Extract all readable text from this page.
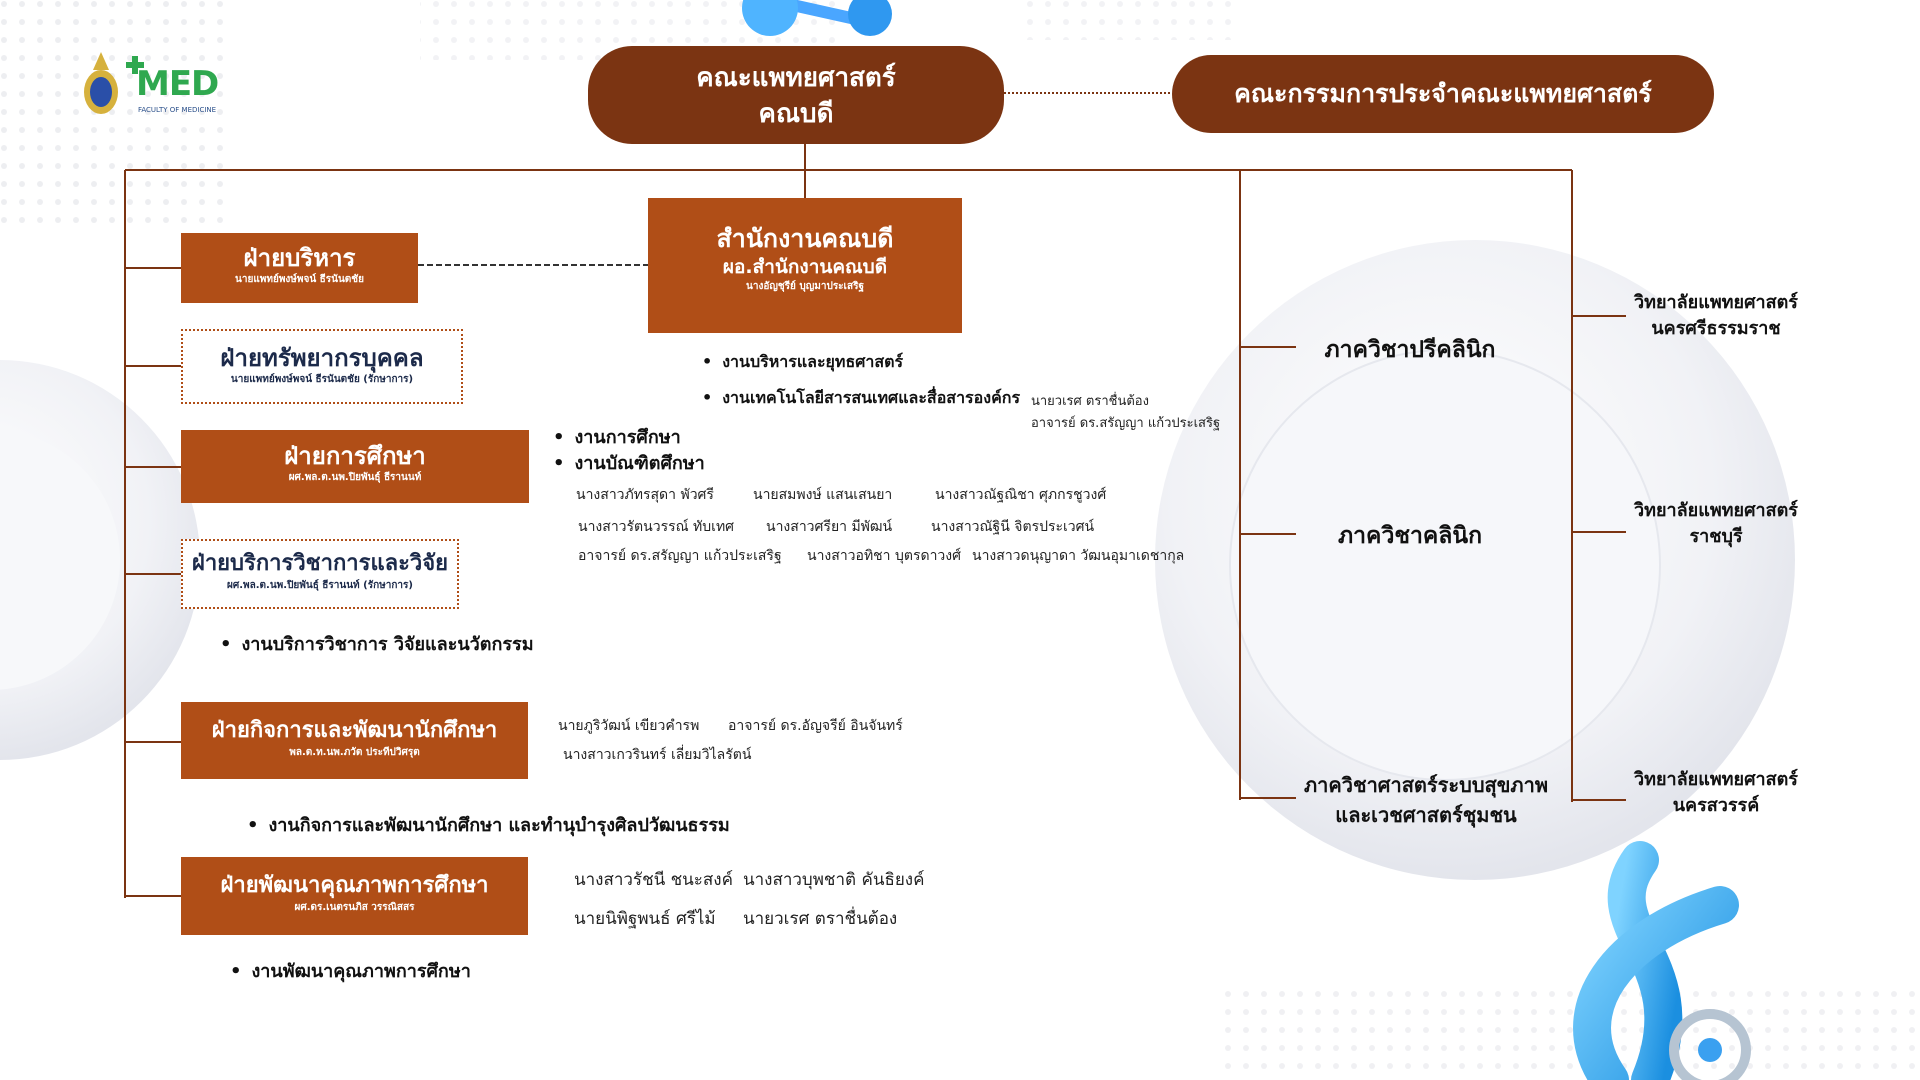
MED
FACULTY OF MEDICINE
คณะแพทยศาสตร์
คณบดี
คณะกรรมการประจำคณะแพทยศาสตร์
สำนักงานคณบดี
ผอ.สำนักงานคณบดี
นางอัญชุรีย์ บุญมาประเสริฐ
• งานบริหารและยุทธศาสตร์
• งานเทคโนโลยีสารสนเทศและสื่อสารองค์กร นายวเรศ ตราชื่นต้อง
อาจารย์ ดร.สรัญญา แก้วประเสริฐ
ฝ่ายบริหาร
นายแพทย์พงษ์พจน์ ธีรนันตชัย
ฝ่ายทรัพยากรบุคคล
นายแพทย์พงษ์พจน์ ธีรนันตชัย (รักษาการ)
ฝ่ายการศึกษา
ผศ.พล.ต.นพ.ปิยพันธุ์ ธีรานนท์
ฝ่ายบริการวิชาการและวิจัย
ผศ.พล.ต.นพ.ปิยพันธุ์ ธีรานนท์ (รักษาการ)
ฝ่ายกิจการและพัฒนานักศึกษา
พล.ต.ท.นพ.ภวัต ประทีปวิศรุต
ฝ่ายพัฒนาคุณภาพการศึกษา
ผศ.ดร.เนตรนภิส วรรณิสสร
• งานการศึกษา
• งานบัณฑิตศึกษา
นางสาวภัทรสุดา พัวศรี	นายสมพงษ์ แสนเสนยา	นางสาวณัฐณิชา ศุภกรชูวงศ์
นางสาวรัตนวรรณ์ ทับเทศ นางสาวศรียา มีพัฒน์	นางสาวณัฐินี จิตรประเวศน์
อาจารย์ ดร.สรัญญา แก้วประเสริฐ นางสาวอทิชา บุตรดาวงศ์ นางสาวดนุญาดา วัฒนอุมาเดชากุล
• งานบริการวิชาการ วิจัยและนวัตกรรม
นายภูริวัฒน์ เขียวคำรพ อาจารย์ ดร.อัญจรีย์ อินจันทร์
นางสาวเกวรินทร์ เลี่ยมวิไลรัตน์
• งานกิจการและพัฒนานักศึกษา และทำนุบำรุงศิลปวัฒนธรรม
นางสาวรัชนี ชนะสงค์ นางสาวบุพชาติ คันธิยงค์
นายนิพิฐพนธ์ ศรีไม้ นายวเรศ ตราชื่นต้อง
• งานพัฒนาคุณภาพการศึกษา
ภาควิชาปรีคลินิก
ภาควิชาคลินิก
ภาควิชาศาสตร์ระบบสุขภาพ
และเวชศาสตร์ชุมชน
วิทยาลัยแพทยศาสตร์
นครศรีธรรมราช
วิทยาลัยแพทยศาสตร์
ราชบุรี
วิทยาลัยแพทยศาสตร์
นครสวรรค์
